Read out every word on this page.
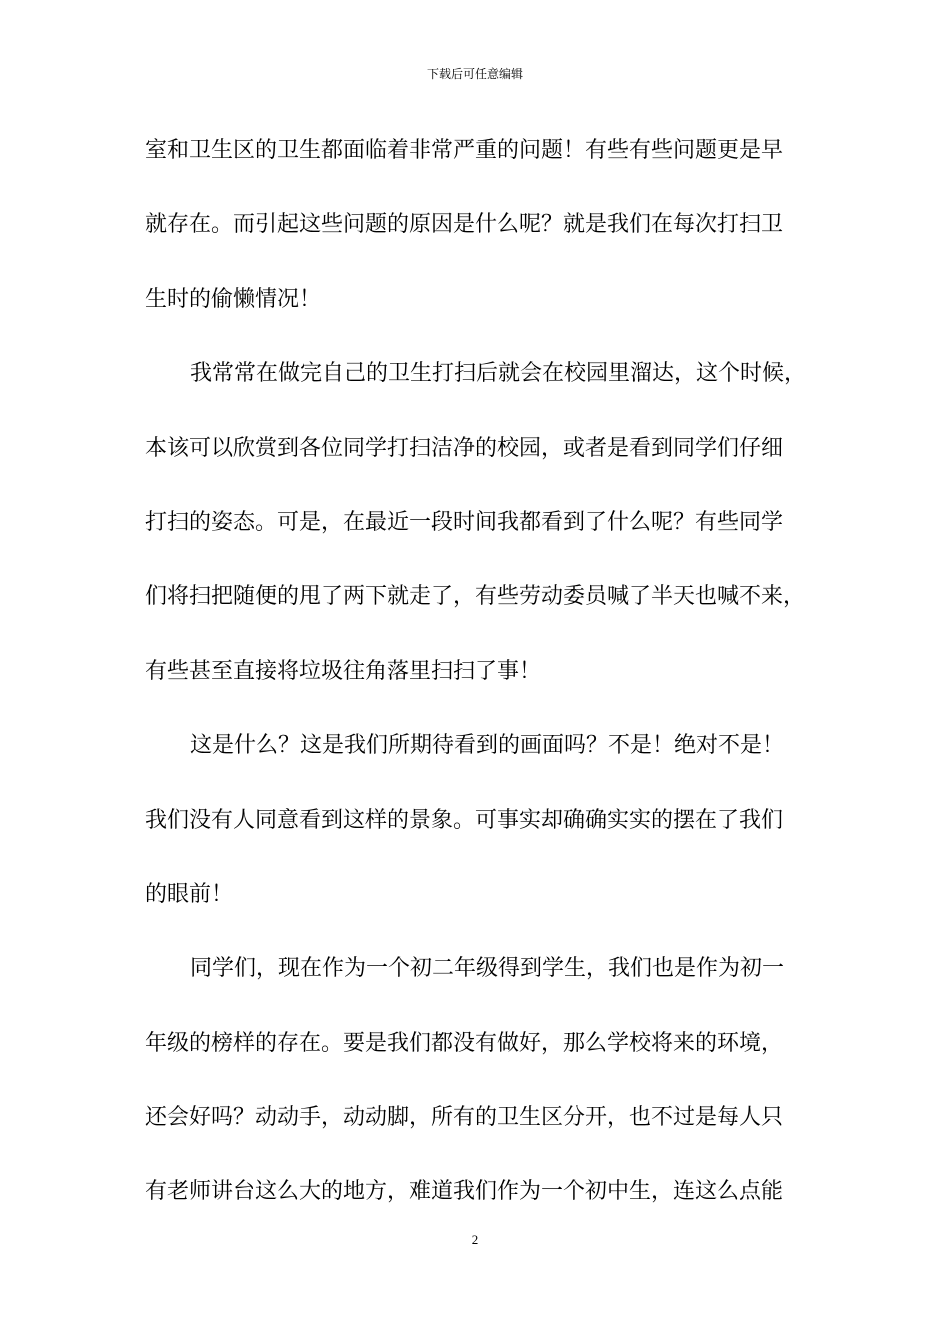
下载后可任意编辑
室和卫生区的卫生都面临着非常严重的问题！有些有些问题更是早
就存在。而引起这些问题的原因是什么呢？就是我们在每次打扫卫
生时的偷懒情况！
我常常在做完自己的卫生打扫后就会在校园里溜达，这个时候，
本该可以欣赏到各位同学打扫洁净的校园，或者是看到同学们仔细
打扫的姿态。可是，在最近一段时间我都看到了什么呢？有些同学
们将扫把随便的甩了两下就走了，有些劳动委员喊了半天也喊不来，
有些甚至直接将垃圾往角落里扫扫了事！
这是什么？这是我们所期待看到的画面吗？不是！绝对不是！
我们没有人同意看到这样的景象。可事实却确确实实的摆在了我们
的眼前！
同学们，现在作为一个初二年级得到学生，我们也是作为初一
年级的榜样的存在。要是我们都没有做好，那么学校将来的环境，
还会好吗？动动手，动动脚，所有的卫生区分开，也不过是每人只
有老师讲台这么大的地方，难道我们作为一个初中生，连这么点能
2
